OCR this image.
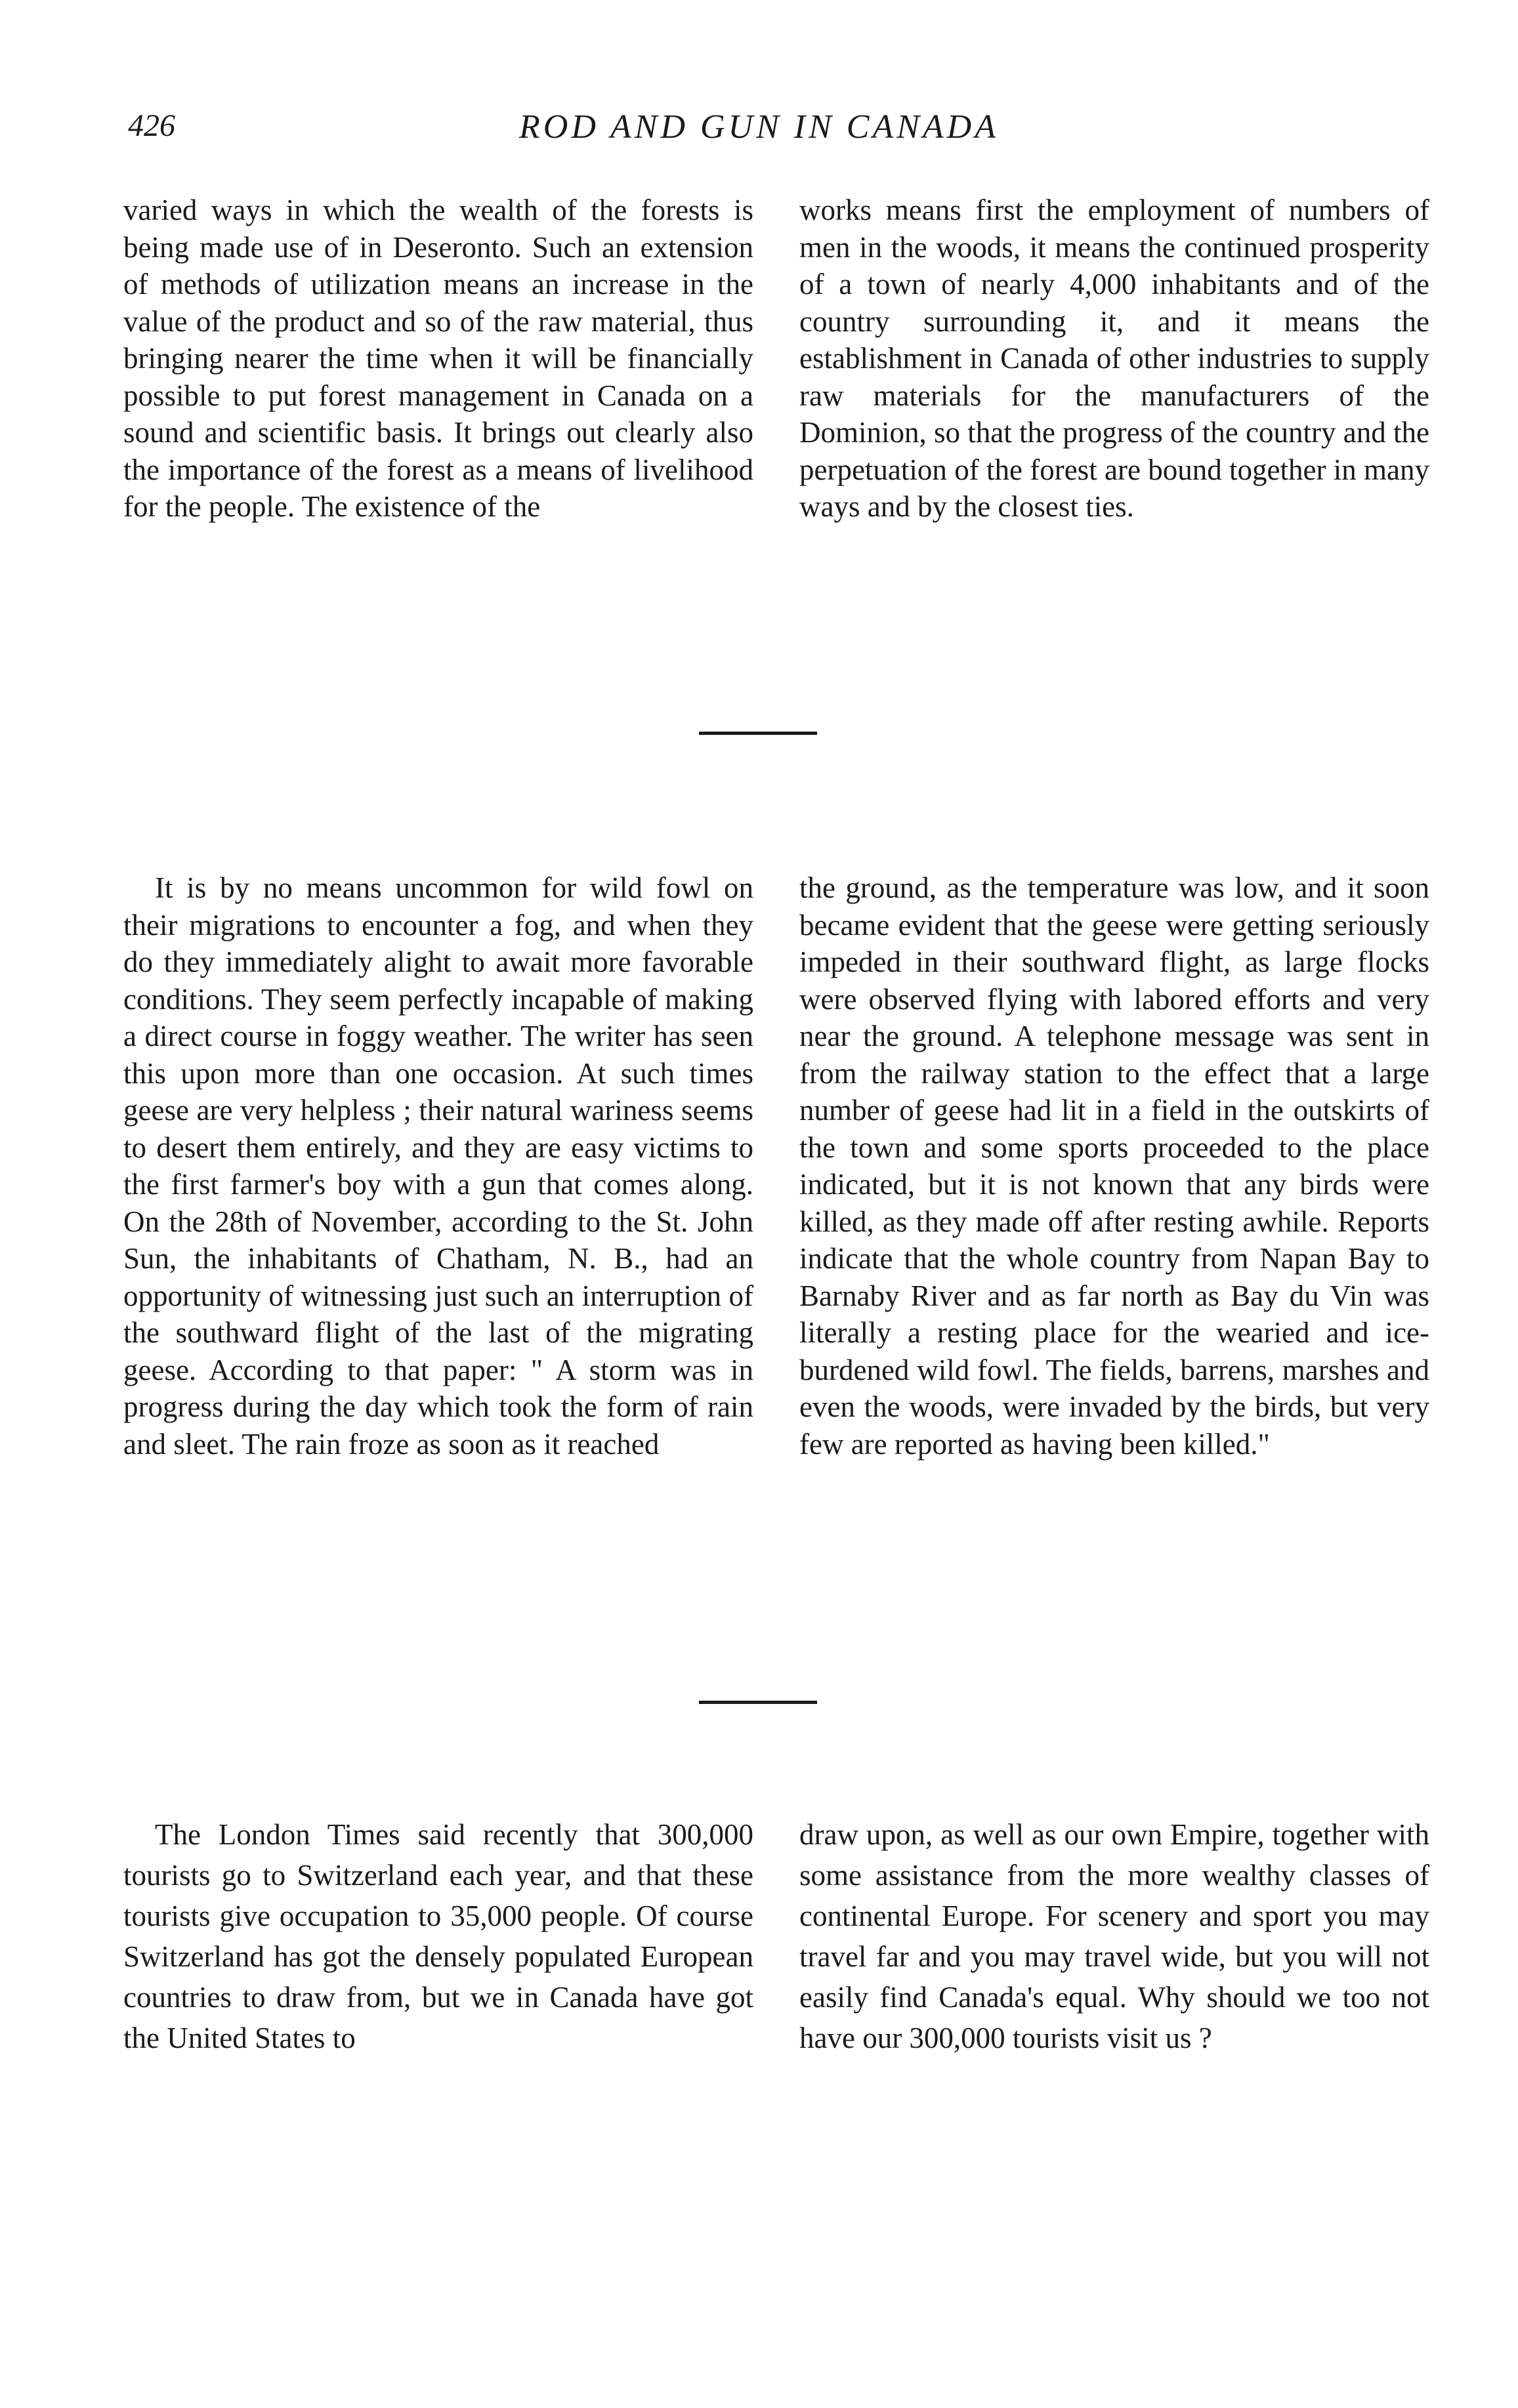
426	ROD AND GUN IN CANADA

varied ways in which the wealth of the forests is being made use of in Deseronto. Such an extension of methods of utilization means an increase in the value of the product and so of the raw material, thus bringing nearer the time when it will be financially possible to put forest management in Canada on a sound and scientific basis. It brings out clearly also the importance of the forest as a means of livelihood for the people. The existence of the

works means first the employment of numbers of men in the woods, it means the continued prosperity of a town of nearly 4,000 inhabitants and of the country surrounding it, and it means the establishment in Canada of other industries to supply raw materials for the manufacturers of the Dominion, so that the progress of the country and the perpetuation of the forest are bound together in many ways and by the closest ties.

It is by no means uncommon for wild fowl on their migrations to encounter a fog, and when they do they immediately alight to await more favorable conditions. They seem perfectly incapable of making a direct course in foggy weather. The writer has seen this upon more than one occasion. At such times geese are very helpless ; their natural wariness seems to desert them entirely, and they are easy victims to the first farmer's boy with a gun that comes along. On the 28th of November, according to the St. John Sun, the inhabitants of Chatham, N. B., had an opportunity of witnessing just such an interruption of the southward flight of the last of the migrating geese. According to that paper: " A storm was in progress during the day which took the form of rain and sleet. The rain froze as soon as it reached

the ground, as the temperature was low, and it soon became evident that the geese were getting seriously impeded in their southward flight, as large flocks were observed flying with labored efforts and very near the ground. A telephone message was sent in from the railway station to the effect that a large number of geese had lit in a field in the outskirts of the town and some sports proceeded to the place indicated, but it is not known that any birds were killed, as they made off after resting awhile. Reports indicate that the whole country from Napan Bay to Barnaby River and as far north as Bay du Vin was literally a resting place for the wearied and ice-burdened wild fowl. The fields, barrens, marshes and even the woods, were invaded by the birds, but very few are reported as having been killed."

The London Times said recently that 300,000 tourists go to Switzerland each year, and that these tourists give occupation to 35,000 people. Of course Switzerland has got the densely populated European countries to draw from, but we in Canada have got the United States to

draw upon, as well as our own Empire, together with some assistance from the more wealthy classes of continental Europe. For scenery and sport you may travel far and you may travel wide, but you will not easily find Canada's equal. Why should we too not have our 300,000 tourists visit us ?
